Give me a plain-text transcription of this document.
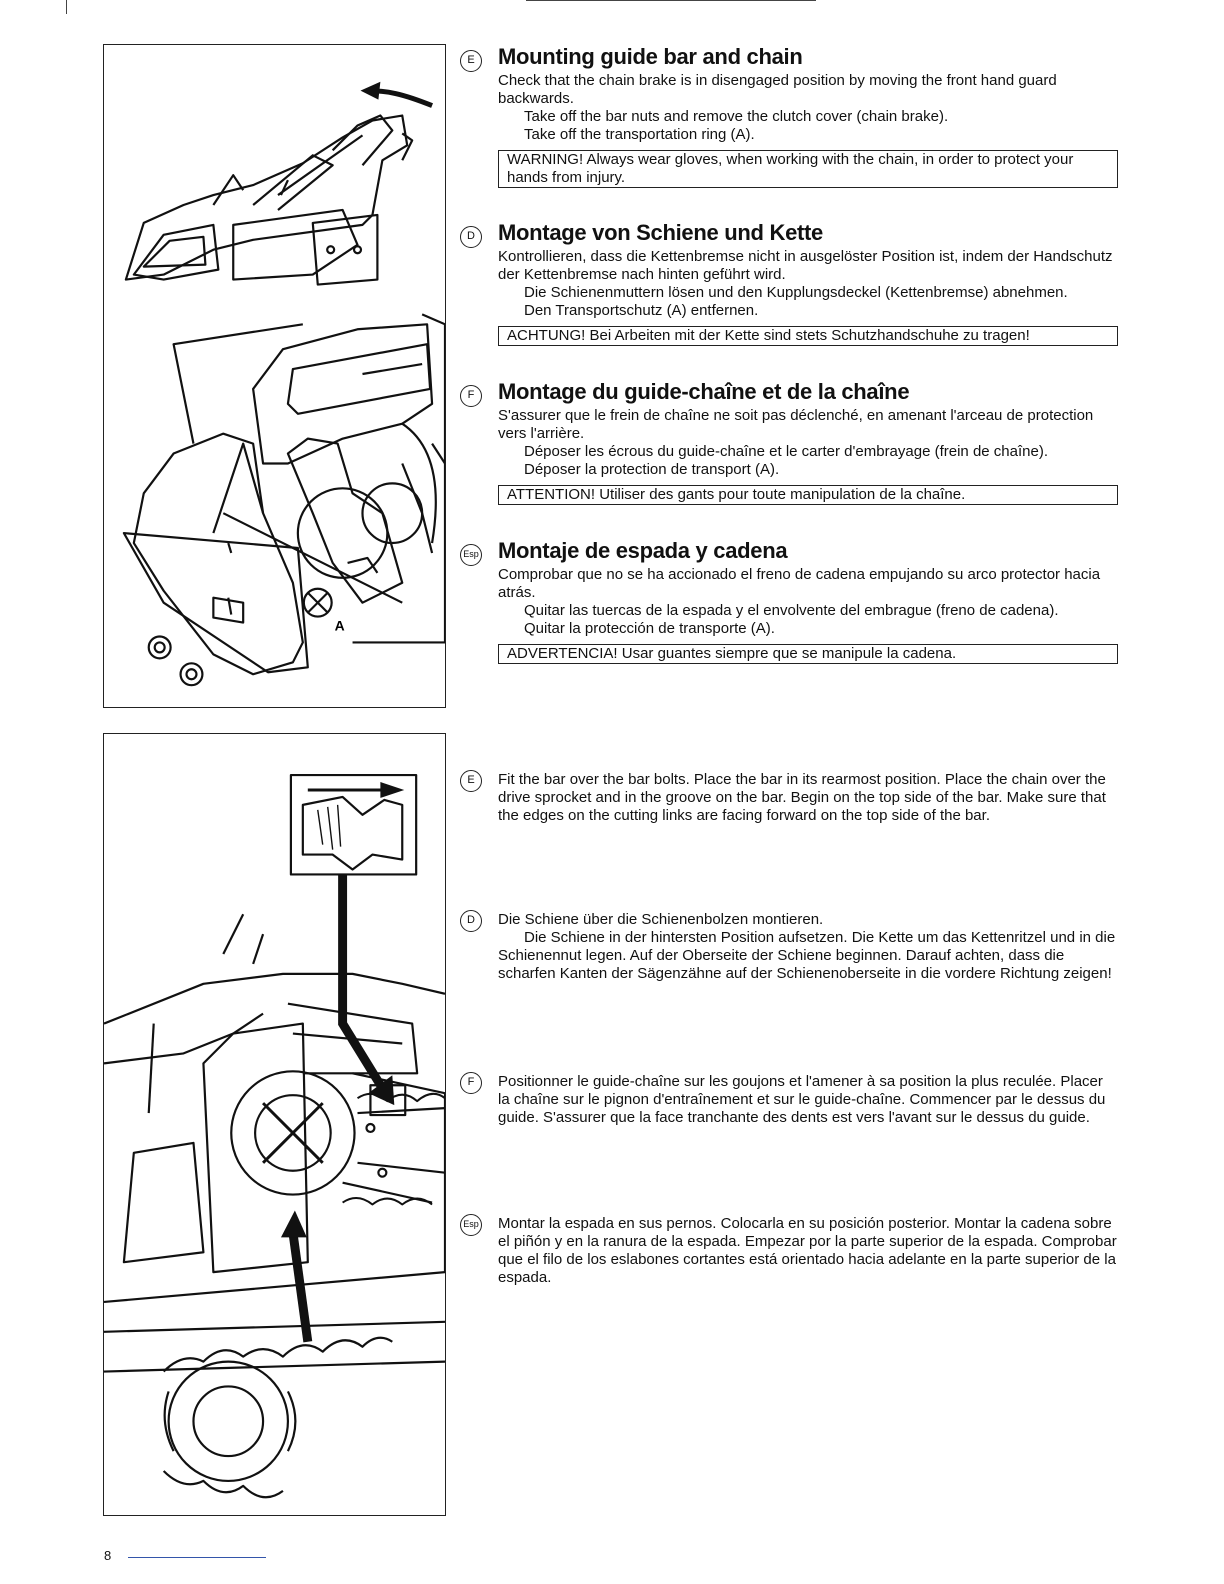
A
E	Mounting guide bar and chain
Check that the chain brake is in disengaged position by moving the front hand guard backwards.
Take off the bar nuts and remove the clutch cover (chain brake).
Take off the transportation ring (A).
WARNING! Always wear gloves, when working with the chain, in order to protect your hands from injury.
D	Montage von Schiene und Kette
Kontrollieren, dass die Kettenbremse nicht in ausgelöster Position ist, indem der Handschutz der Kettenbremse nach hinten geführt wird.
Die Schienenmuttern lösen und den Kupplungsdeckel (Kettenbremse) abnehmen.
Den Transportschutz (A) entfernen.
ACHTUNG! Bei Arbeiten mit der Kette sind stets Schutzhandschuhe zu tragen!
F	Montage du guide-chaîne et de la chaîne
S'assurer que le frein de chaîne ne soit pas déclenché, en amenant l'arceau de protection vers l'arrière.
Déposer les écrous du guide-chaîne et le carter d'embrayage (frein de chaîne).
Déposer la protection de transport (A).
ATTENTION! Utiliser des gants pour toute manipulation de la chaîne.
Esp Montaje de espada y cadena
Comprobar que no se ha accionado el freno de cadena empujando su arco protector hacia atrás.
Quitar las tuercas de la espada y el envolvente del embrague (freno de cadena).
Quitar la protección de transporte (A).
ADVERTENCIA! Usar guantes siempre que se manipule la cadena.
E	Fit the bar over the bar bolts. Place the bar in its rearmost position. Place the chain over the drive sprocket and in the groove on the bar. Begin on the top side of the bar. Make sure that the edges on the cutting links are facing forward on the top side of the bar.

D	Die Schiene über die Schienenbolzen montieren.
Die Schiene in der hintersten Position aufsetzen. Die Kette um das Kettenritzel und in die Schienennut legen. Auf der Oberseite der Schiene beginnen. Darauf achten, dass die scharfen Kanten der Sägenzähne auf der Schienenoberseite in die vordere Richtung zeigen!
F	Positionner le guide-chaîne sur les goujons et l'amener à sa position la plus reculée. Placer la chaîne sur le pignon d'entraînement et sur le guide-chaîne. Commencer par le dessus du guide. S'assurer que la face tranchante des dents est vers l'avant sur le dessus du guide.

Esp Montar la espada en sus pernos. Colocarla en su posición posterior. Montar la cadena sobre el piñón y en la ranura de la espada. Empezar por la parte superior de la espada. Comprobar que el filo de los eslabones cortantes está orientado hacia adelante en la parte superior de la espada.

8
